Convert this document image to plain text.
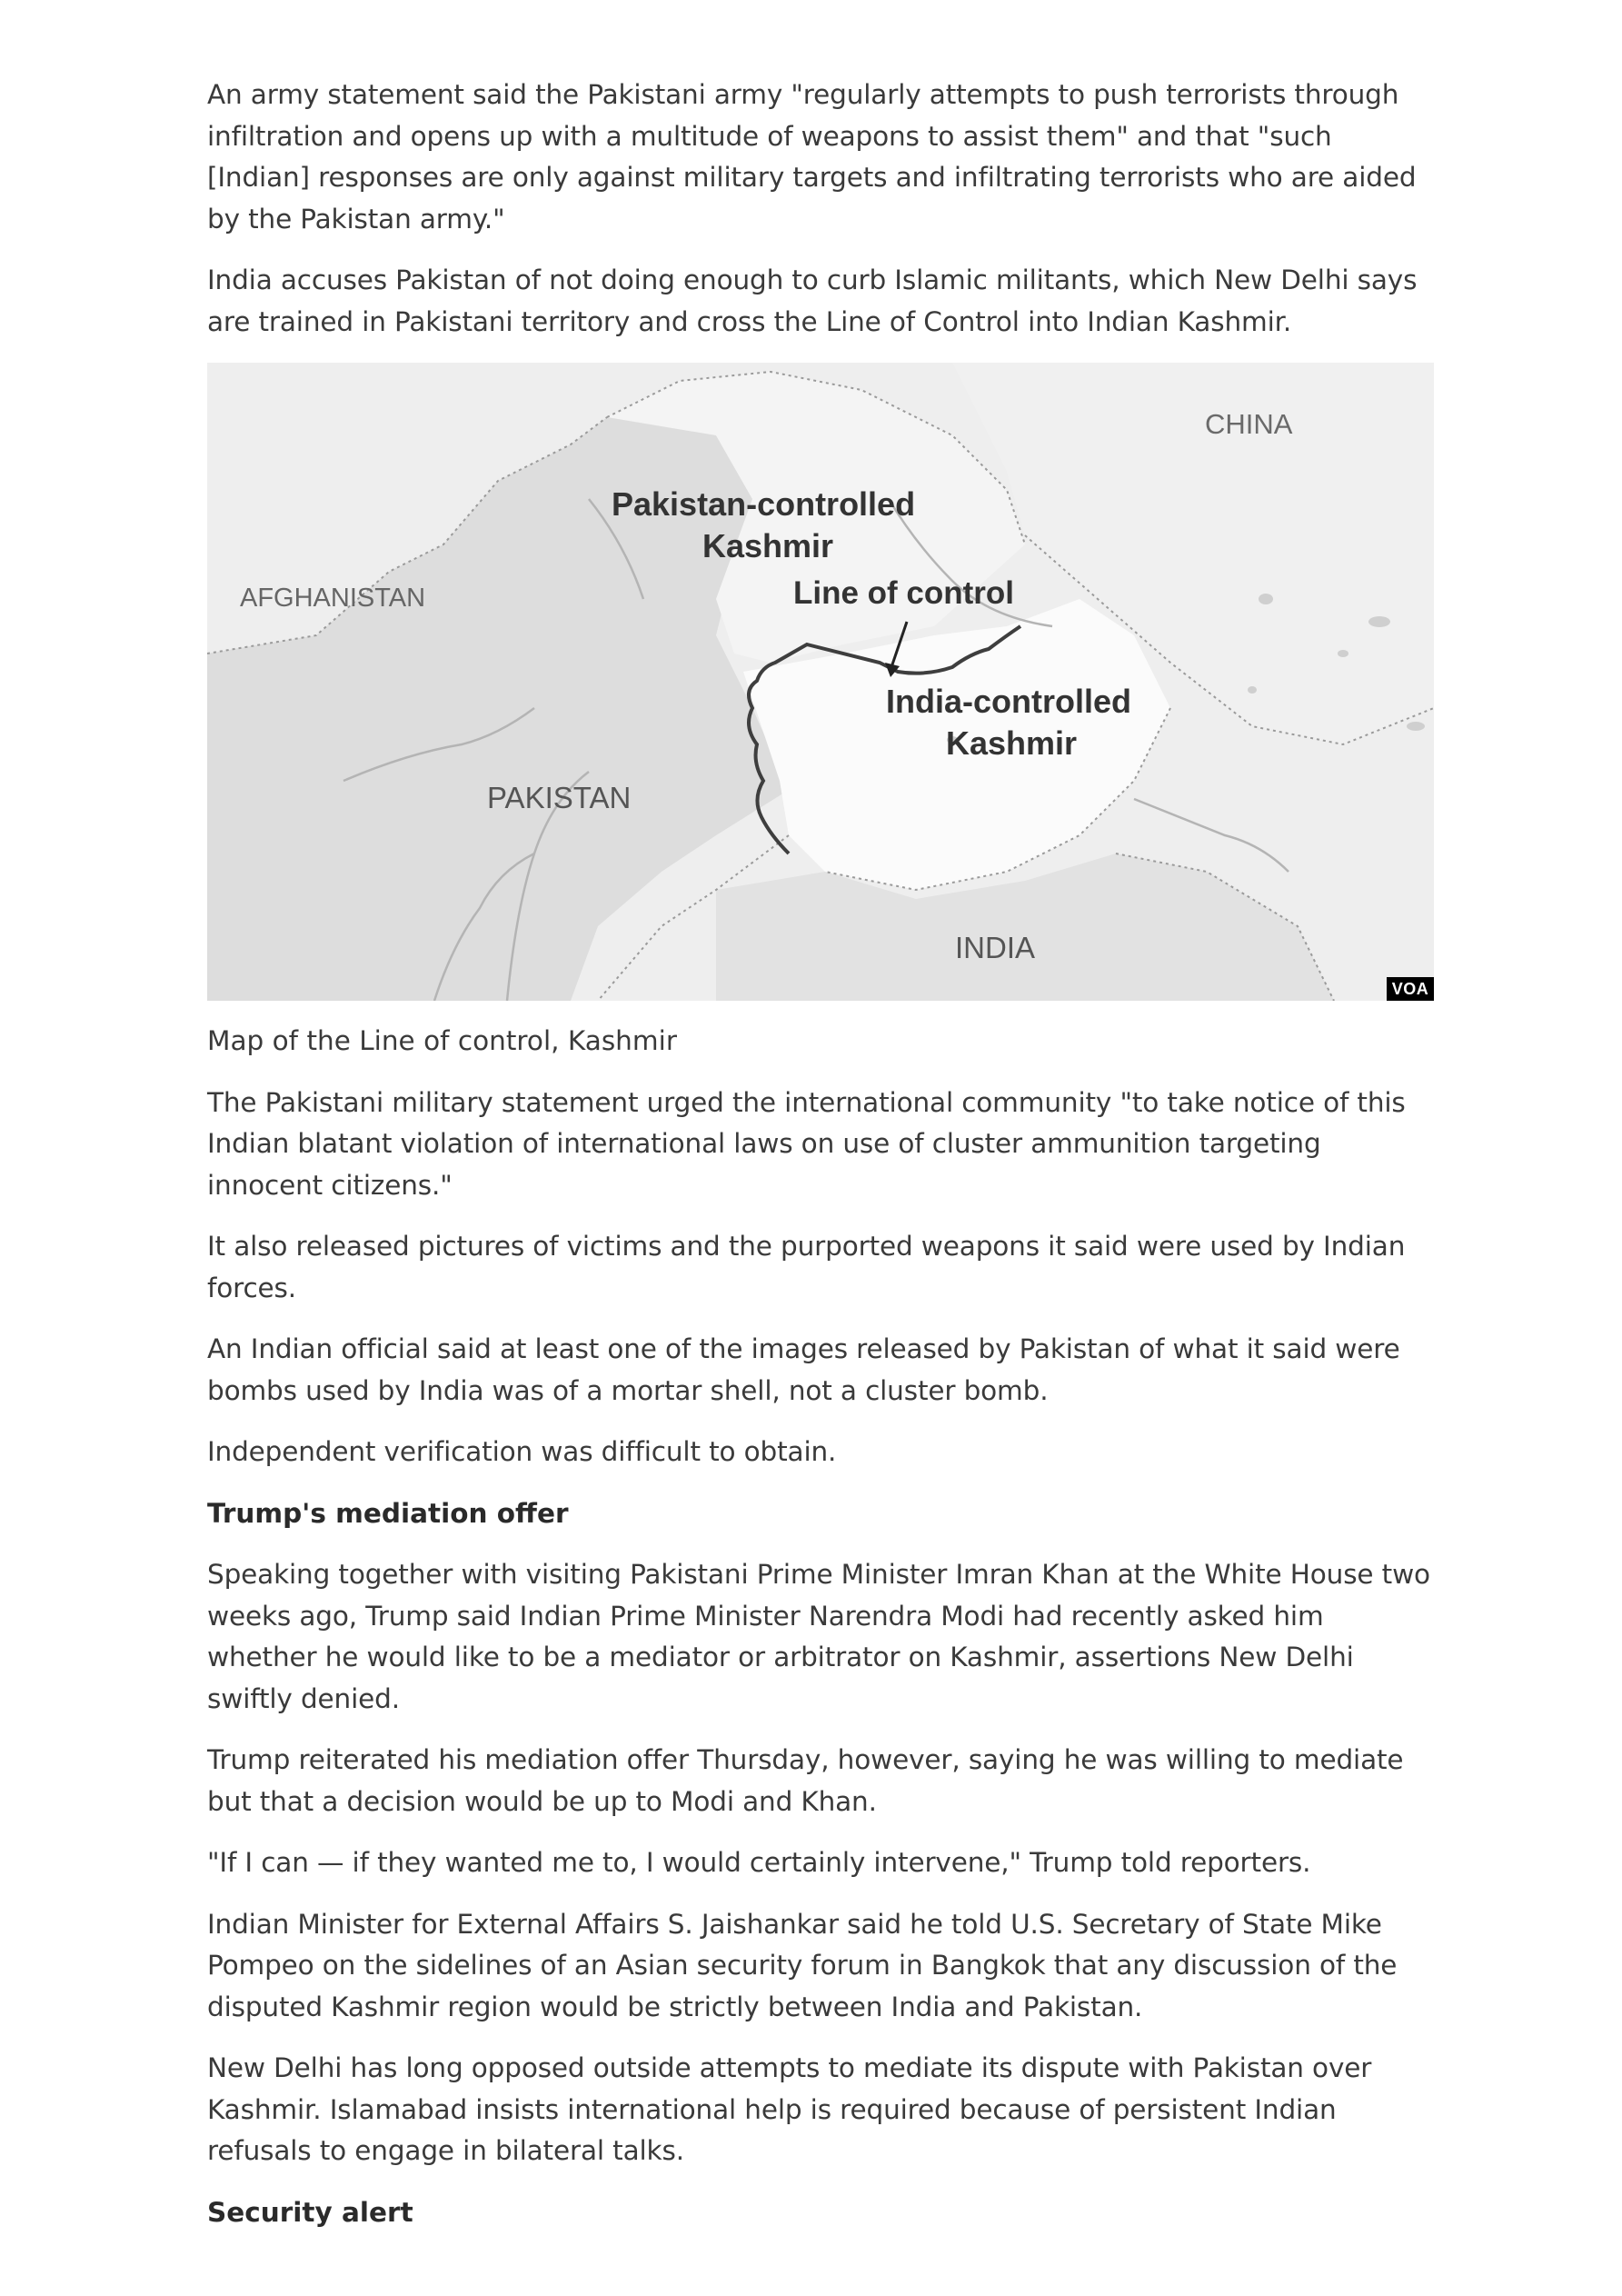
An army statement said the Pakistani army "regularly attempts to push terrorists through infiltration and opens up with a multitude of weapons to assist them" and that "such [Indian] responses are only against military targets and infiltrating terrorists who are aided by the Pakistan army."

India accuses Pakistan of not doing enough to curb Islamic militants, which New Delhi says are trained in Pakistani territory and cross the Line of Control into Indian Kashmir.

CHINA
Pakistan-controlled
Kashmir
AFGHANISTAN	Line of control
India-controlled
Kashmir
PAKISTAN
INDIA
VOA
Map of the Line of control, Kashmir

The Pakistani military statement urged the international community "to take notice of this Indian blatant violation of international laws on use of cluster ammunition targeting innocent citizens."

It also released pictures of victims and the purported weapons it said were used by Indian forces.

An Indian official said at least one of the images released by Pakistan of what it said were bombs used by India was of a mortar shell, not a cluster bomb.

Independent verification was difficult to obtain.

Trump's mediation offer

Speaking together with visiting Pakistani Prime Minister Imran Khan at the White House two weeks ago, Trump said Indian Prime Minister Narendra Modi had recently asked him whether he would like to be a mediator or arbitrator on Kashmir, assertions New Delhi swiftly denied.

Trump reiterated his mediation offer Thursday, however, saying he was willing to mediate but that a decision would be up to Modi and Khan.

"If I can — if they wanted me to, I would certainly intervene," Trump told reporters.

Indian Minister for External Affairs S. Jaishankar said he told U.S. Secretary of State Mike Pompeo on the sidelines of an Asian security forum in Bangkok that any discussion of the disputed Kashmir region would be strictly between India and Pakistan.

New Delhi has long opposed outside attempts to mediate its dispute with Pakistan over Kashmir. Islamabad insists international help is required because of persistent Indian refusals to engage in bilateral talks.

Security alert
